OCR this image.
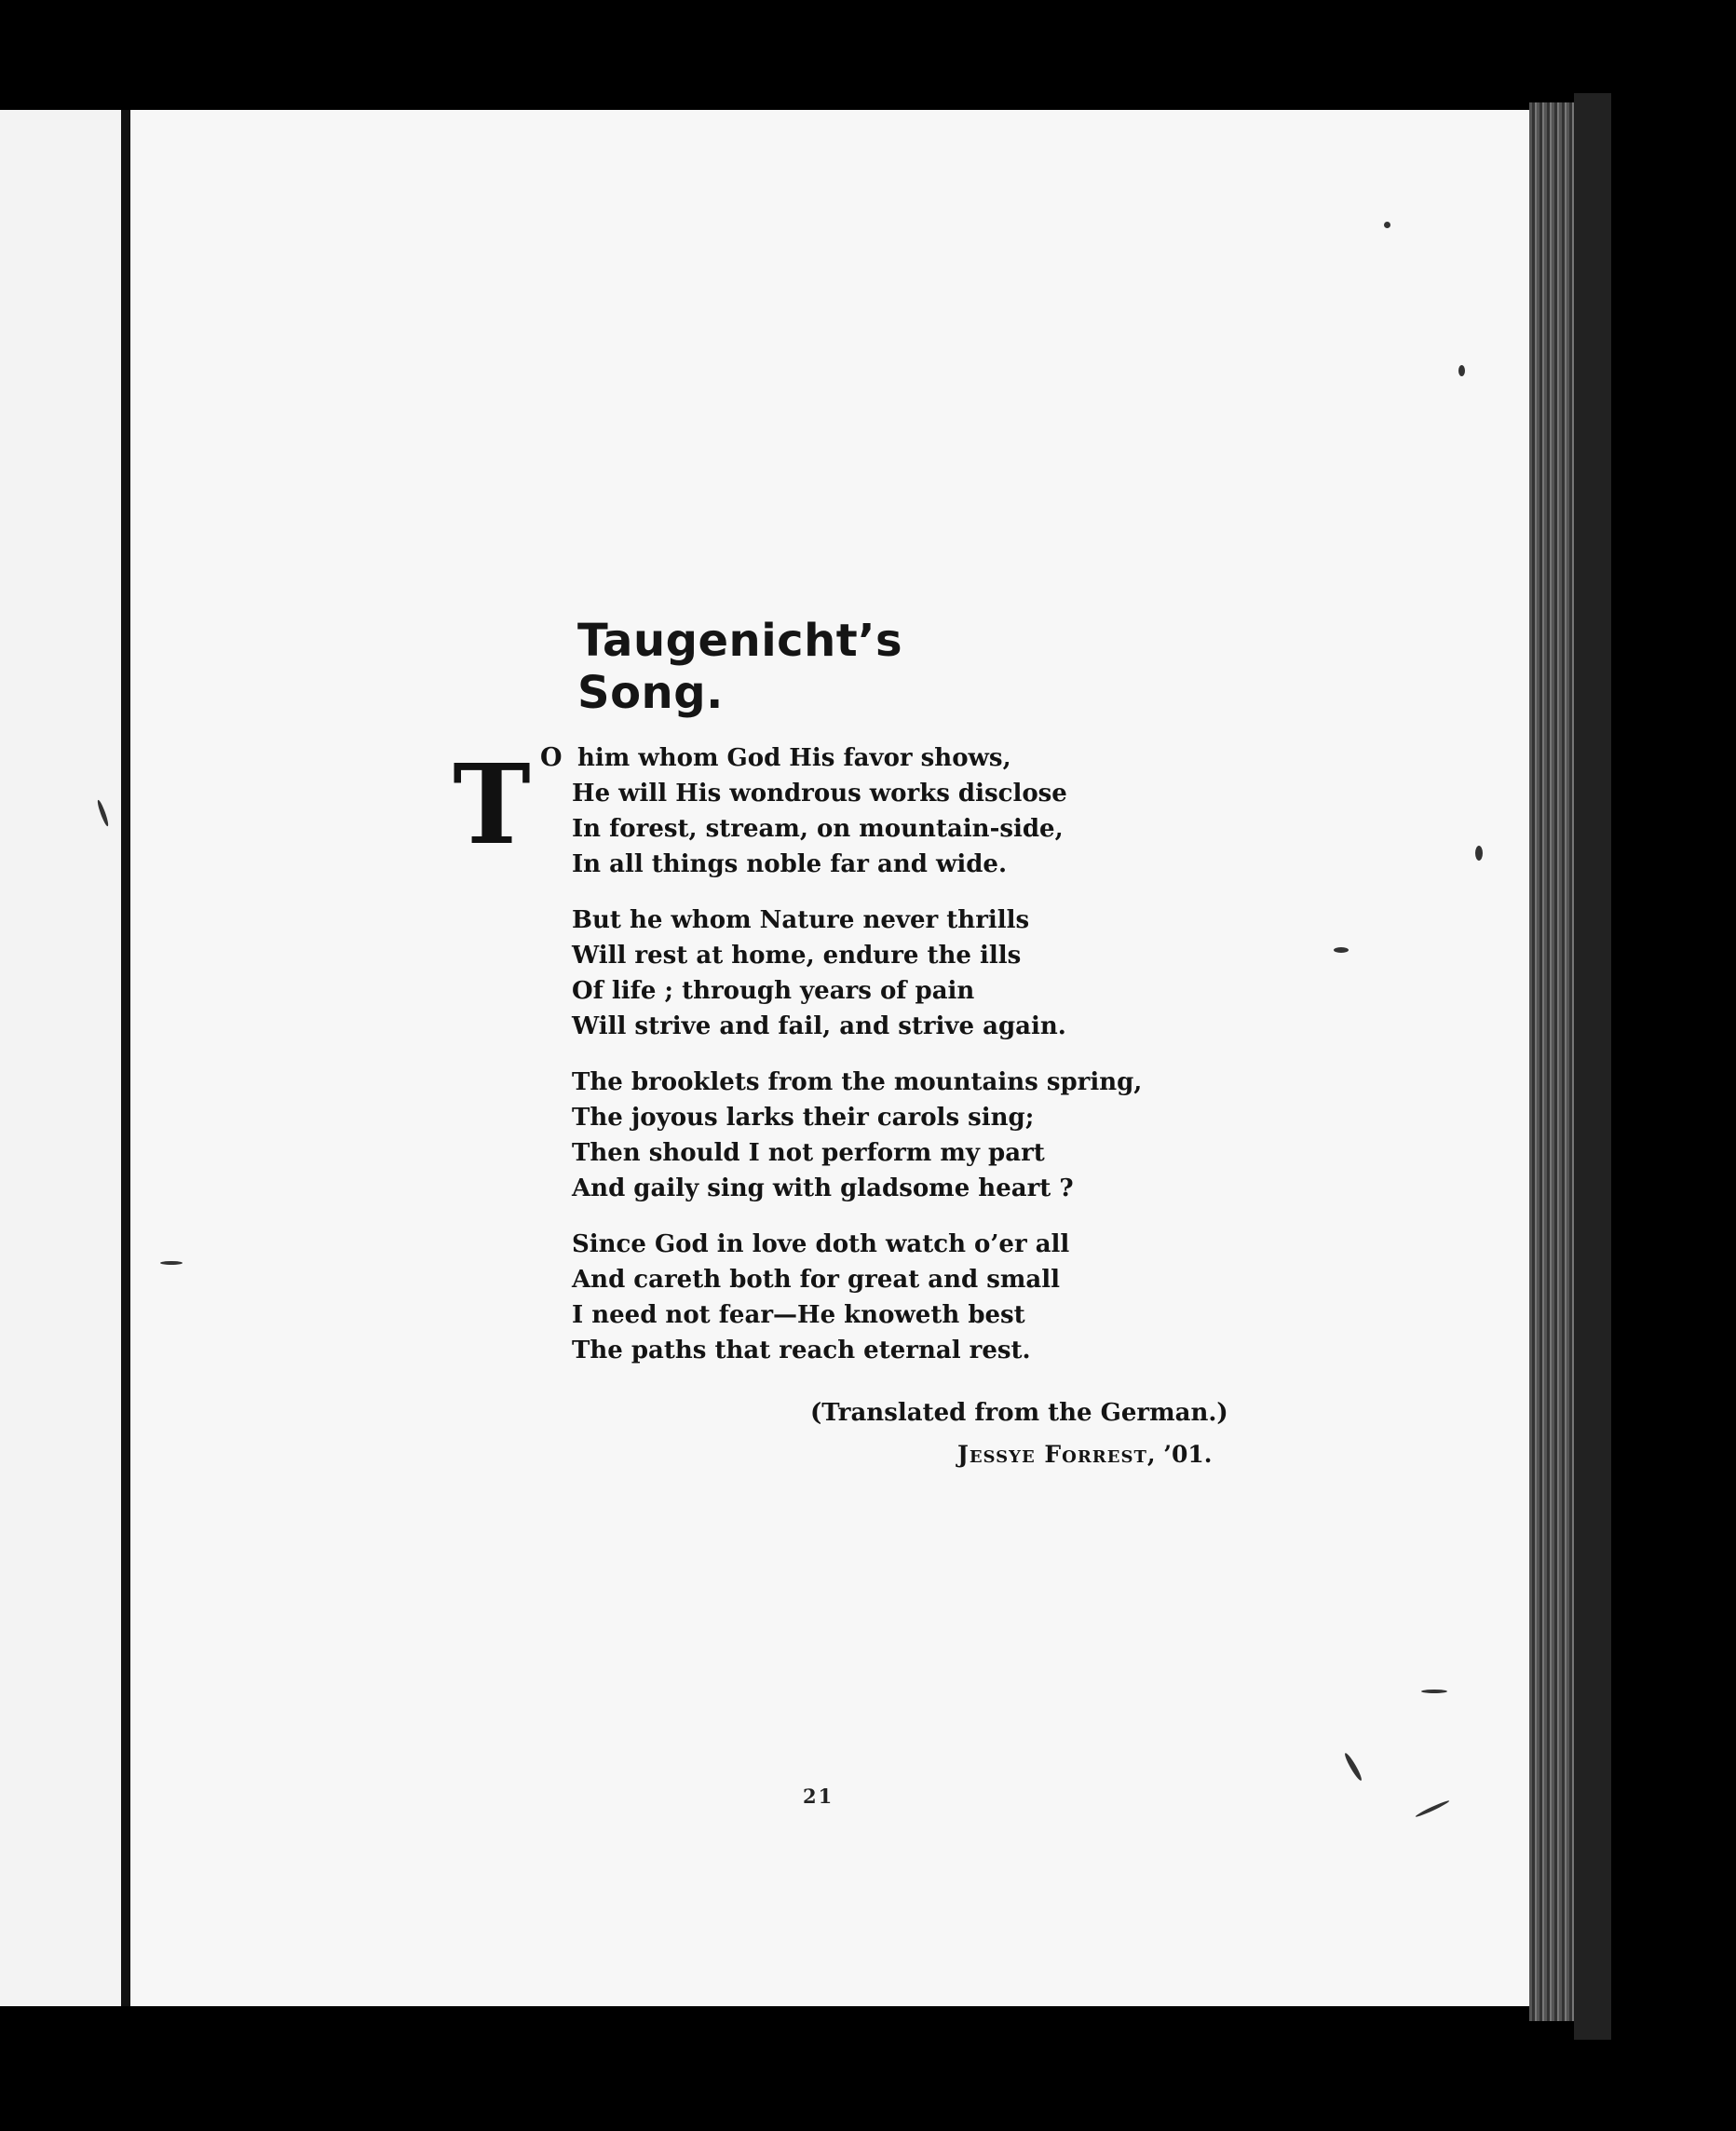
Taugenicht’s Song.
T O him whom God His favor shows,
He will His wondrous works disclose
In forest, stream, on mountain-side,
In all things noble far and wide.
But he whom Nature never thrills
Will rest at home, endure the ills
Of life ; through years of pain
Will strive and fail, and strive again.
The brooklets from the mountains spring,
The joyous larks their carols sing;
Then should I not perform my part
And gaily sing with gladsome heart ?
Since God in love doth watch o’er all
And careth both for great and small
I need not fear—He knoweth best
The paths that reach eternal rest.
(Translated from the German.)
Jessye Forrest, ’01.
21
